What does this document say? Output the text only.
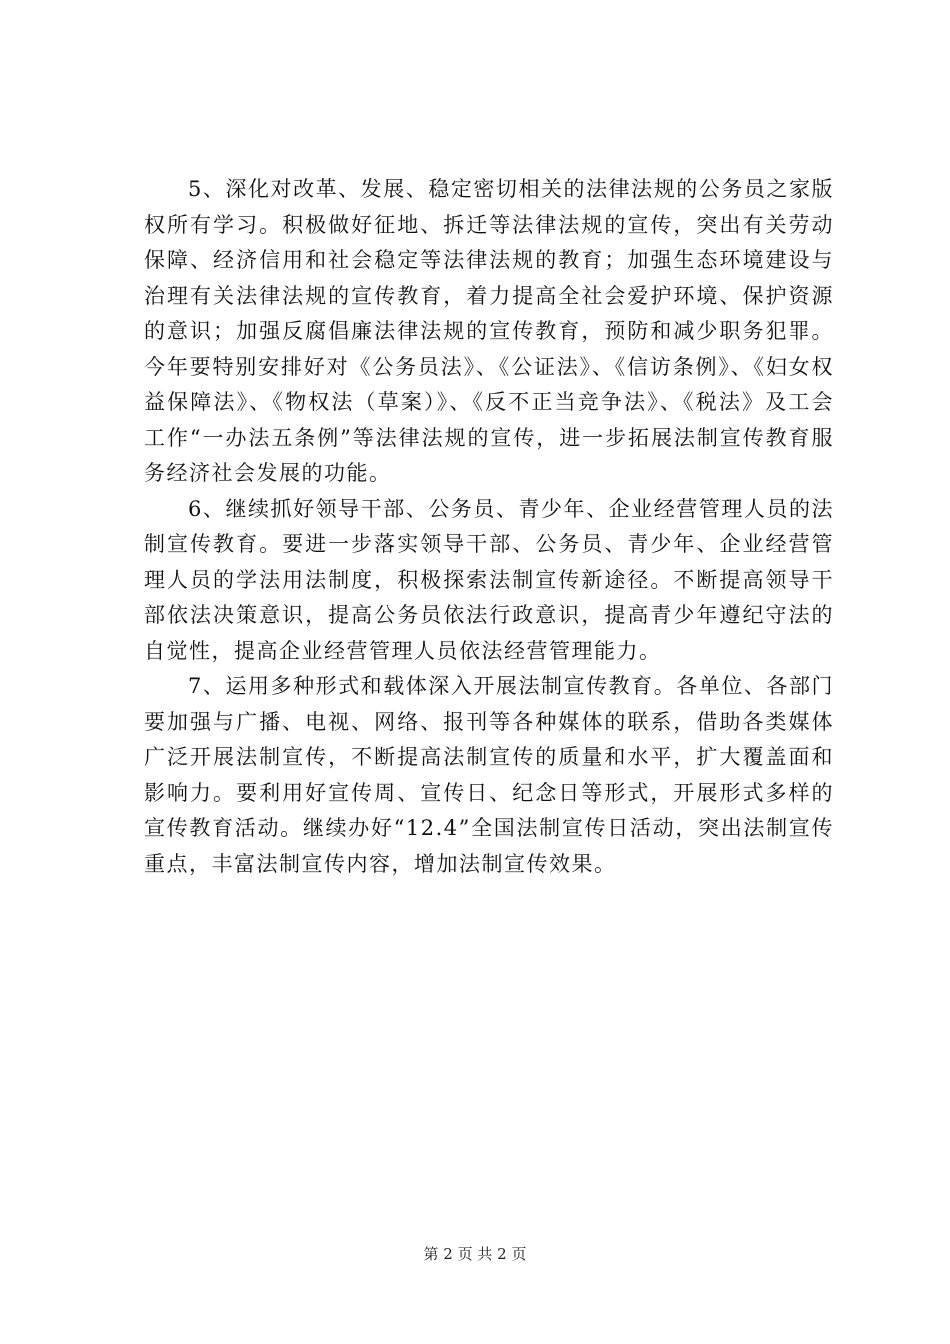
5、深化对改革、发展、稳定密切相关的法律法规的公务员之家版权所有学习。积极做好征地、拆迁等法律法规的宣传，突出有关劳动保障、经济信用和社会稳定等法律法规的教育；加强生态环境建设与治理有关法律法规的宣传教育，着力提高全社会爱护环境、保护资源的意识；加强反腐倡廉法律法规的宣传教育，预防和减少职务犯罪。今年要特别安排好对《公务员法》、《公证法》、《信访条例》、《妇女权益保障法》、《物权法（草案）》、《反不正当竞争法》、《税法》及工会工作“一办法五条例”等法律法规的宣传，进一步拓展法制宣传教育服务经济社会发展的功能。

6、继续抓好领导干部、公务员、青少年、企业经营管理人员的法制宣传教育。要进一步落实领导干部、公务员、青少年、企业经营管理人员的学法用法制度，积极探索法制宣传新途径。不断提高领导干部依法决策意识，提高公务员依法行政意识，提高青少年遵纪守法的自觉性，提高企业经营管理人员依法经营管理能力。

7、运用多种形式和载体深入开展法制宣传教育。各单位、各部门要加强与广播、电视、网络、报刊等各种媒体的联系，借助各类媒体广泛开展法制宣传，不断提高法制宣传的质量和水平，扩大覆盖面和影响力。要利用好宣传周、宣传日、纪念日等形式，开展形式多样的宣传教育活动。继续办好“12.4”全国法制宣传日活动，突出法制宣传重点，丰富法制宣传内容，增加法制宣传效果。

第 2 页 共 2 页
